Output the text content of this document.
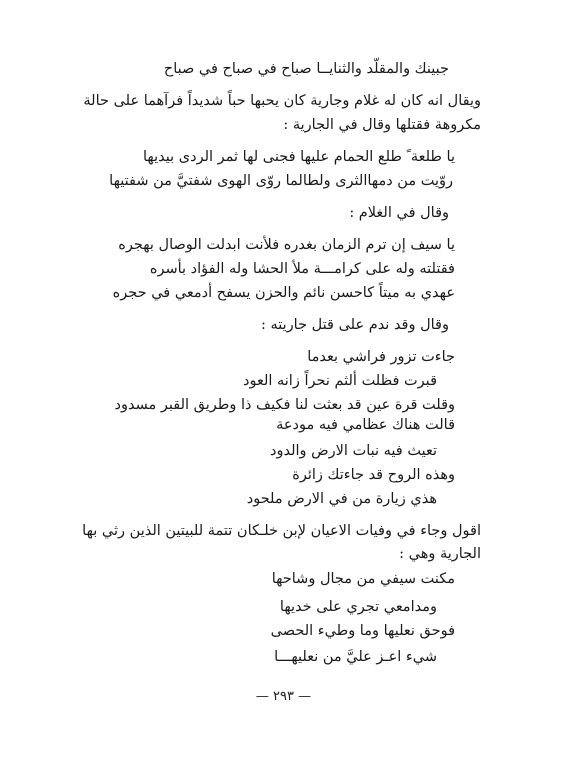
جبينك والمقلّد والثنايــا صباح في صباح في صباح
ويقال انه كان له غلام وجارية كان يحبها حباً شديداً فرآهما على حالة
مكروهة فقتلها وقال في الجارية :
يا طلعة ً طلع الحمام عليها فجنى لها ثمر الردى بيديها
روّيت من دمهاالثرى ولطالما روّى الهوى شفتيَّ من شفتيها
وقال في الغلام :
يا سيف إن ترم الزمان بغدره فلأنت ابدلت الوصال بهجره
فقتلته وله على كرامـــة ملأ الحشا وله الفؤاد بأسره
عهدي به ميتاً كاحسن نائم والحزن يسفح أدمعي في حجره
وقال وقد ندم على قتل جاريته :
جاءت تزور فراشي بعدما
قبرت فظلت ألثم نحراً زانه العود
وقلت قرة عين قد بعثت لنا فكيف ذا وطريق القبر مسدود
قالت هناك عظامي فيه مودعة
تعيث فيه نبات الارض والدود
وهذه الروح قد جاءتك زائرة
هذي زيارة من في الارض ملحود
اقول وجاء في وفيات الاعيان لإبن خلـكان تتمة للبيتين الذين رثي بها
الجارية وهي :
مكنت سيفي من مجال وشاحها
ومدامعي تجري على خديها
فوحق نعليها وما وطيء الحصى
شيء اعـز عليَّ من نعليهـــا
— ٢٩٣ —
